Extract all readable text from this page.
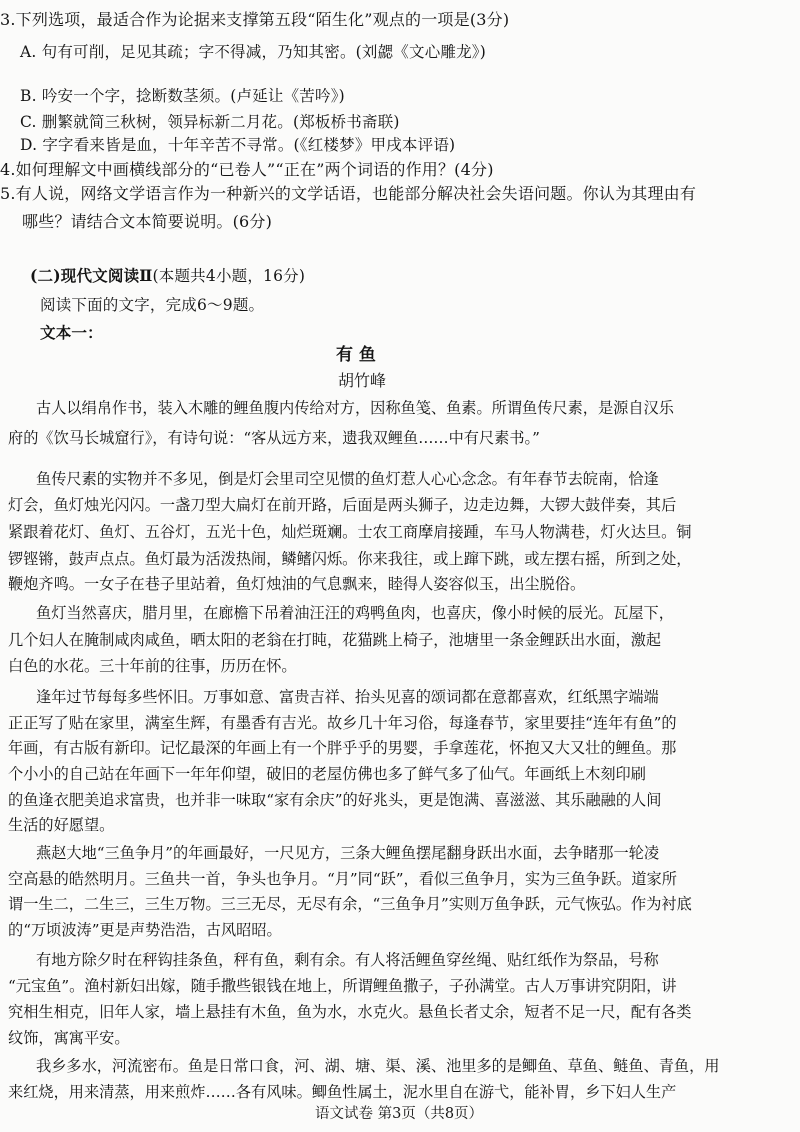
3.下列选项，最适合作为论据来支撑第五段“陌生化”观点的一项是(3分)
A. 句有可削，足见其疏；字不得减，乃知其密。(刘勰《文心雕龙》)
B. 吟安一个字，捻断数茎须。(卢延让《苦吟》)
C. 删繁就简三秋树，领异标新二月花。(郑板桥书斋联)
D. 字字看来皆是血，十年辛苦不寻常。(《红楼梦》甲戌本评语)
4.如何理解文中画横线部分的“已卷人”“正在”两个词语的作用？(4分)
5.有人说，网络文学语言作为一种新兴的文学话语，也能部分解决社会失语问题。你认为其理由有
哪些？请结合文本简要说明。(6分)
(二)现代文阅读Ⅱ(本题共4小题，16分)
阅读下面的文字，完成6～9题。
文本一：
有 鱼
胡竹峰
古人以绢帛作书，装入木雕的鲤鱼腹内传给对方，因称鱼笺、鱼素。所谓鱼传尺素，是源自汉乐
府的《饮马长城窟行》，有诗句说：“客从远方来，遗我双鲤鱼……中有尺素书。”
鱼传尺素的实物并不多见，倒是灯会里司空见惯的鱼灯惹人心心念念。有年春节去皖南，恰逢
灯会，鱼灯烛光闪闪。一盏刀型大扁灯在前开路，后面是两头狮子，边走边舞，大锣大鼓伴奏，其后
紧跟着花灯、鱼灯、五谷灯，五光十色，灿烂斑斓。士农工商摩肩接踵，车马人物满巷，灯火达旦。铜
锣铿锵，鼓声点点。鱼灯最为活泼热闹，鳞鳍闪烁。你来我往，或上蹿下跳，或左摆右摇，所到之处，
鞭炮齐鸣。一女子在巷子里站着，鱼灯烛油的气息飘来，睦得人姿容似玉，出尘脱俗。
鱼灯当然喜庆，腊月里，在廊檐下吊着油汪汪的鸡鸭鱼肉，也喜庆，像小时候的辰光。瓦屋下，
几个妇人在腌制咸肉咸鱼，晒太阳的老翁在打盹，花猫跳上椅子，池塘里一条金鲤跃出水面，激起
白色的水花。三十年前的往事，历历在怀。
逢年过节每每多些怀旧。万事如意、富贵吉祥、抬头见喜的颂词都在意都喜欢，红纸黑字端端
正正写了贴在家里，满室生辉，有墨香有吉光。故乡几十年习俗，每逢春节，家里要挂“连年有鱼”的
年画，有古版有新印。记忆最深的年画上有一个胖乎乎的男婴，手拿莲花，怀抱又大又壮的鲤鱼。那
个小小的自己站在年画下一年年仰望，破旧的老屋仿佛也多了鲜气多了仙气。年画纸上木刻印刷
的鱼逢衣肥美追求富贵，也并非一味取“家有余庆”的好兆头，更是饱满、喜滋滋、其乐融融的人间
生活的好愿望。
燕赵大地“三鱼争月”的年画最好，一尺见方，三条大鲤鱼摆尾翻身跃出水面，去争睹那一轮凌
空高悬的皓然明月。三鱼共一首，争头也争月。“月”同“跃”，看似三鱼争月，实为三鱼争跃。道家所
谓一生二，二生三，三生万物。三三无尽，无尽有余，“三鱼争月”实则万鱼争跃，元气恢弘。作为衬底
的“万顷波涛”更是声势浩浩，古风昭昭。
有地方除夕时在秤钩挂条鱼，秤有鱼，剩有余。有人将活鲤鱼穿丝绳、贴红纸作为祭品，号称
“元宝鱼”。渔村新妇出嫁，随手撒些银钱在地上，所谓鲤鱼撒子，子孙满堂。古人万事讲究阴阳，讲
究相生相克，旧年人家，墙上悬挂有木鱼，鱼为水，水克火。悬鱼长者丈余，短者不足一尺，配有各类
纹饰，寓寓平安。
我乡多水，河流密布。鱼是日常口食，河、湖、塘、渠、溪、池里多的是鲫鱼、草鱼、鲢鱼、青鱼，用
来红烧，用来清蒸，用来煎炸……各有风味。鲫鱼性属土，泥水里自在游弋，能补胃，乡下妇人生产
语文试卷 第3页（共8页）
